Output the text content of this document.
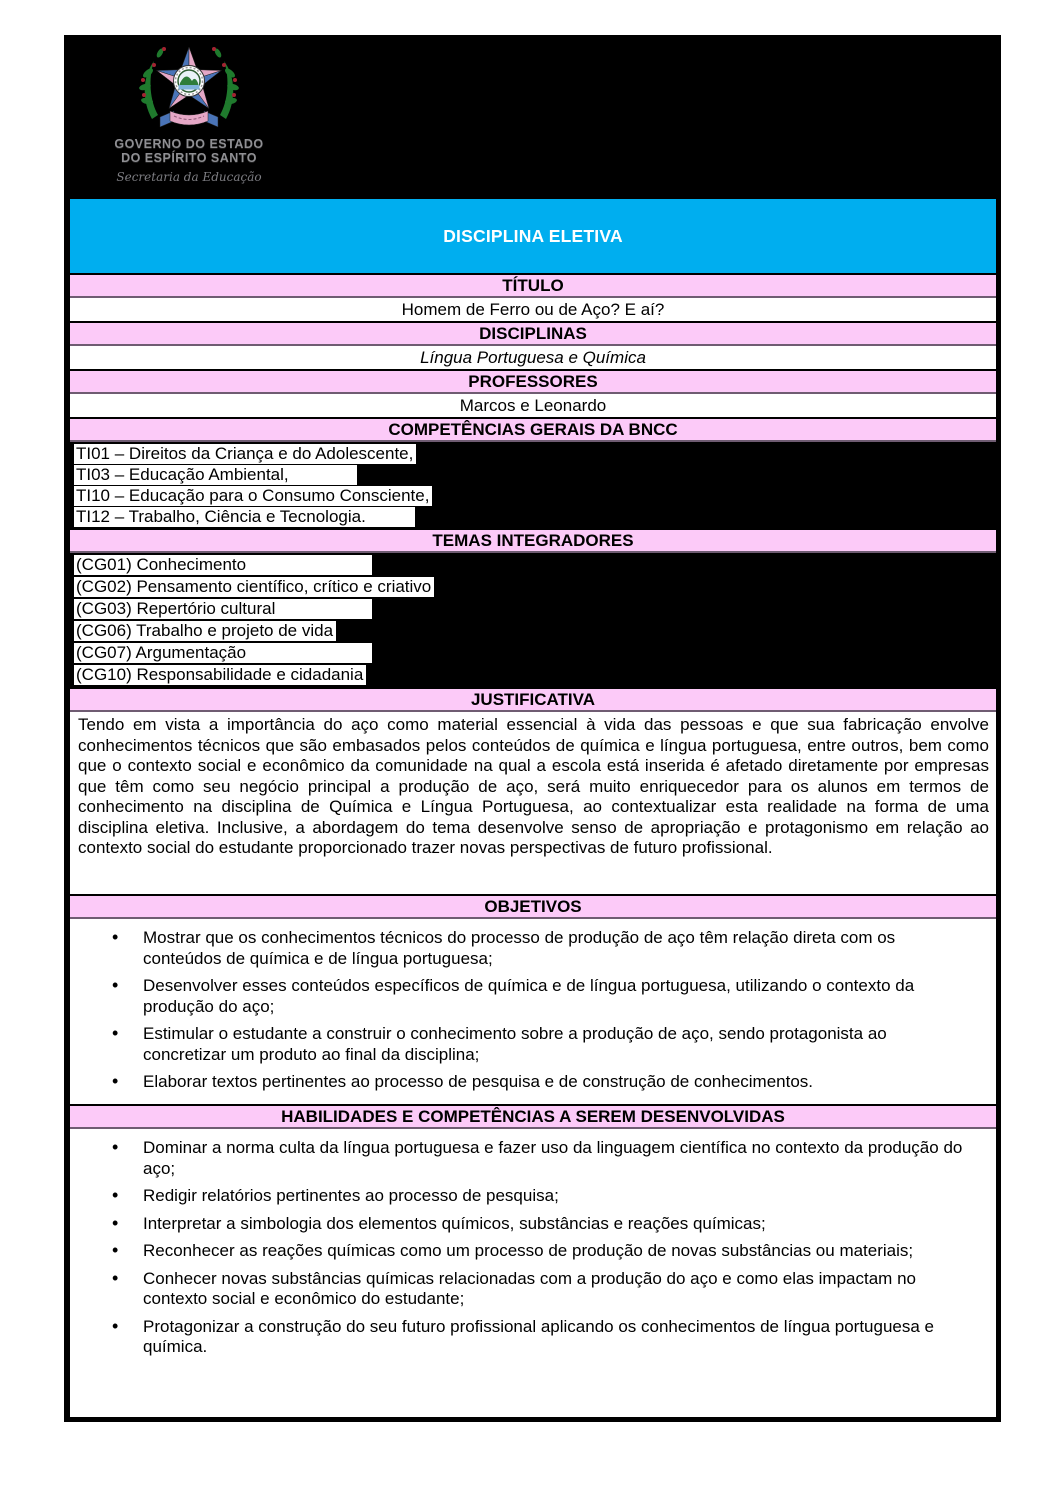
GOVERNO DO ESTADO
DO ESPÍRITO SANTO
Secretaria da Educação
DISCIPLINA ELETIVA
TÍTULO
Homem de Ferro ou de Aço? E aí?
DISCIPLINAS
Língua Portuguesa e Química
PROFESSORES
Marcos e Leonardo
COMPETÊNCIAS GERAIS DA BNCC
TI01 – Direitos da Criança e do Adolescente,
TI03 – Educação Ambiental,
TI10 – Educação para o Consumo Consciente,
TI12 – Trabalho, Ciência e Tecnologia.
TEMAS INTEGRADORES
(CG01) Conhecimento
(CG02) Pensamento científico, crítico e criativo
(CG03) Repertório cultural
(CG06) Trabalho e projeto de vida
(CG07) Argumentação
(CG10) Responsabilidade e cidadania
JUSTIFICATIVA
Tendo em vista a importância do aço como material essencial à vida das pessoas e que sua fabricação envolve conhecimentos técnicos que são embasados pelos conteúdos de química e língua portuguesa, entre outros, bem como que o contexto social e econômico da comunidade na qual a escola está inserida é afetado diretamente por empresas que têm como seu negócio principal a produção de aço, será muito enriquecedor para os alunos em termos de conhecimento na disciplina de Química e Língua Portuguesa, ao contextualizar esta realidade na forma de uma disciplina eletiva. Inclusive, a abordagem do tema desenvolve senso de apropriação e protagonismo em relação ao contexto social do estudante proporcionado trazer novas perspectivas de futuro profissional.
OBJETIVOS
• Mostrar que os conhecimentos técnicos do processo de produção de aço têm relação direta com os conteúdos de química e de língua portuguesa;
• Desenvolver esses conteúdos específicos de química e de língua portuguesa, utilizando o contexto da produção do aço;
• Estimular o estudante a construir o conhecimento sobre a produção de aço, sendo protagonista ao concretizar um produto ao final da disciplina;
• Elaborar textos pertinentes ao processo de pesquisa e de construção de conhecimentos.
HABILIDADES E COMPETÊNCIAS A SEREM DESENVOLVIDAS
• Dominar a norma culta da língua portuguesa e fazer uso da linguagem científica no contexto da produção do aço;
• Redigir relatórios pertinentes ao processo de pesquisa;
• Interpretar a simbologia dos elementos químicos, substâncias e reações químicas;
• Reconhecer as reações químicas como um processo de produção de novas substâncias ou materiais;
• Conhecer novas substâncias químicas relacionadas com a produção do aço e como elas impactam no contexto social e econômico do estudante;
• Protagonizar a construção do seu futuro profissional aplicando os conhecimentos de língua portuguesa e química.
